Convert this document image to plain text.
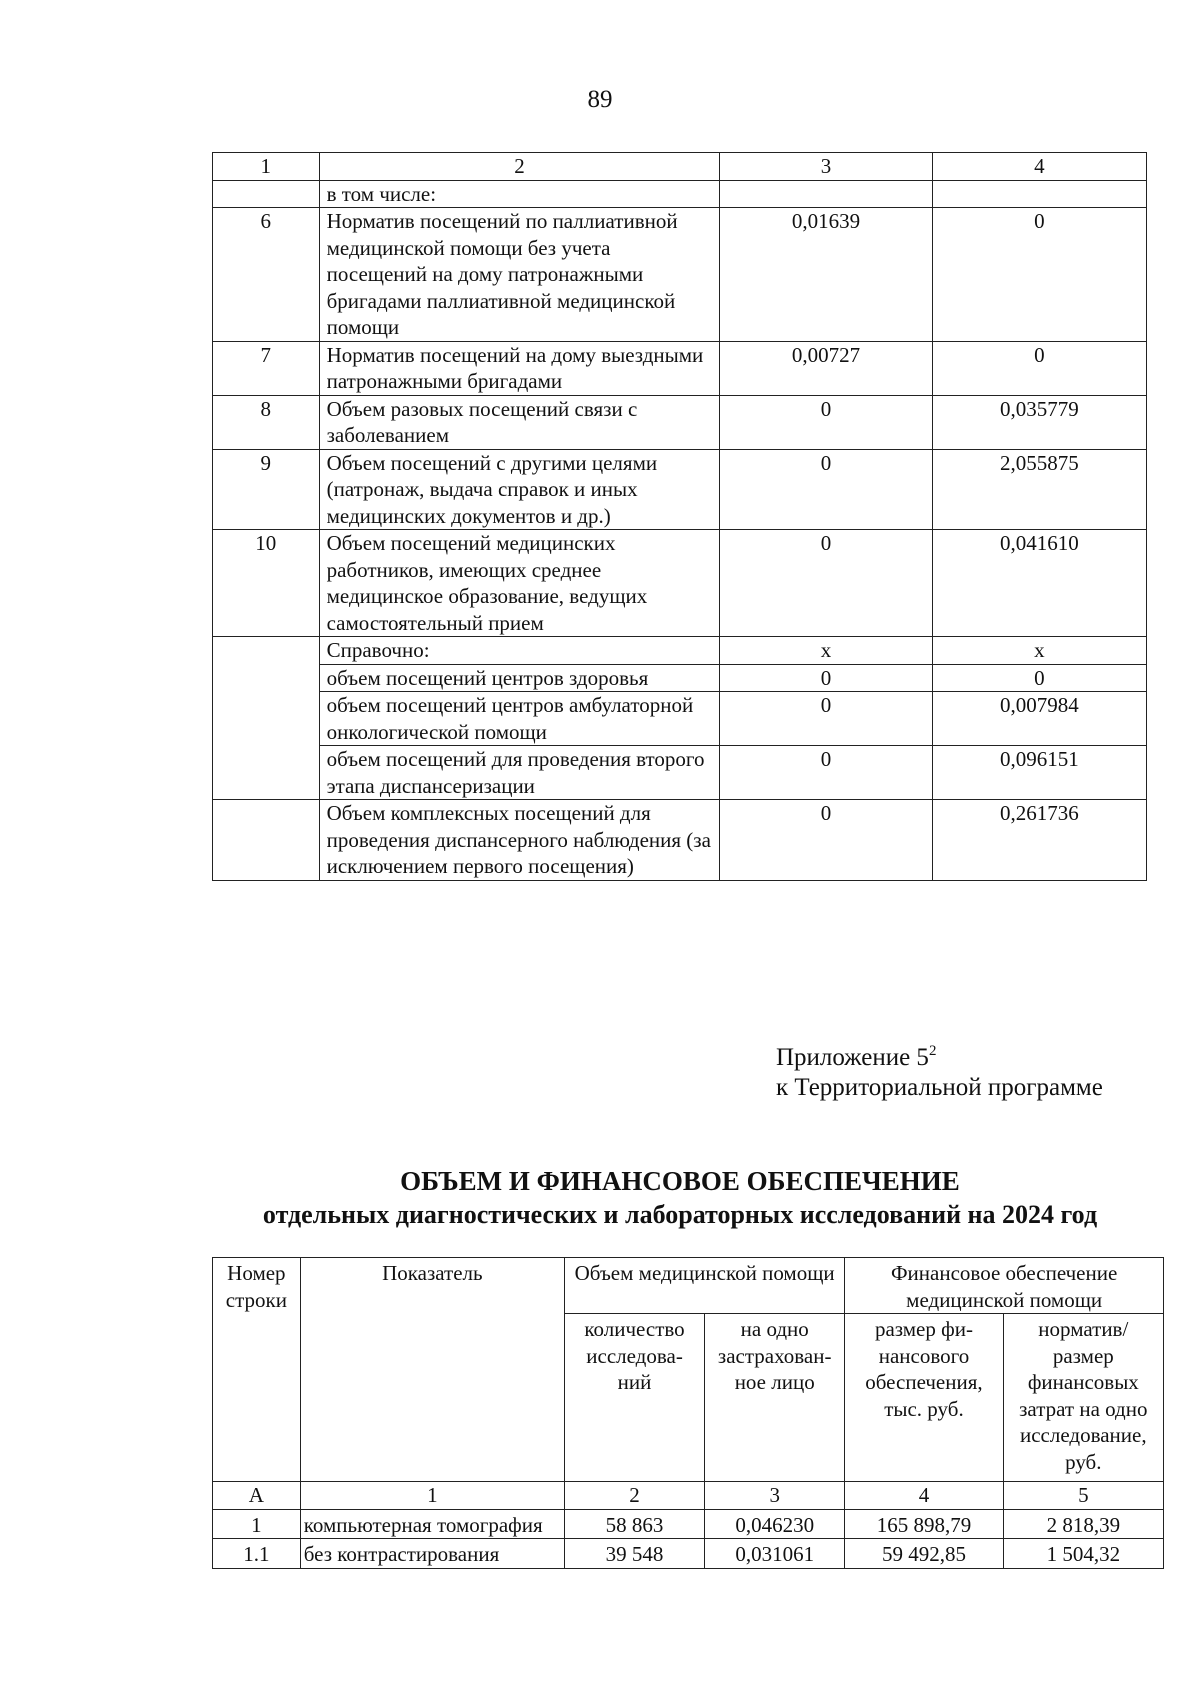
89
1	2	3	4
	в том числе:		
6	Норматив посещений по паллиативной медицинской помощи без учета посещений на дому патронажными бригадами паллиативной медицинской помощи	0,01639	0
7	Норматив посещений на дому выездными патронажными бригадами	0,00727	0
8	Объем разовых посещений связи с заболеванием	0	0,035779
9	Объем посещений с другими целями (патронаж, выдача справок и иных медицинских документов и др.)	0	2,055875
10	Объем посещений медицинских работников, имеющих среднее медицинское образование, ведущих самостоятельный прием	0	0,041610
	Справочно:	х	х
	объем посещений центров здоровья	0	0
	объем посещений центров амбулаторной онкологической помощи	0	0,007984
	объем посещений для проведения второго этапа диспансеризации	0	0,096151
	Объем комплексных посещений для проведения диспансерного наблюдения (за исключением первого посещения)	0	0,261736
Приложение $5^2$
к Территориальной программе
ОБЪЕМ И ФИНАНСОВОЕ ОБЕСПЕЧЕНИЕ
отдельных диагностических и лабораторных исследований на 2024 год
Номер строки	Показатель	Объем медицинской помощи		Финансовое обеспечение медицинской помощи	
		количество исследова- ний	на одно застрахован- ное лицо	размер фи- нансового обеспечения, тыс. руб.	норматив/ размер финансовых затрат на одно исследование, руб.
А	1	2	3	4	5
1	компьютерная томография	58 863	0,046230	165 898,79	2 818,39
1.1	без контрастирования	39 548	0,031061	59 492,85	1 504,32
